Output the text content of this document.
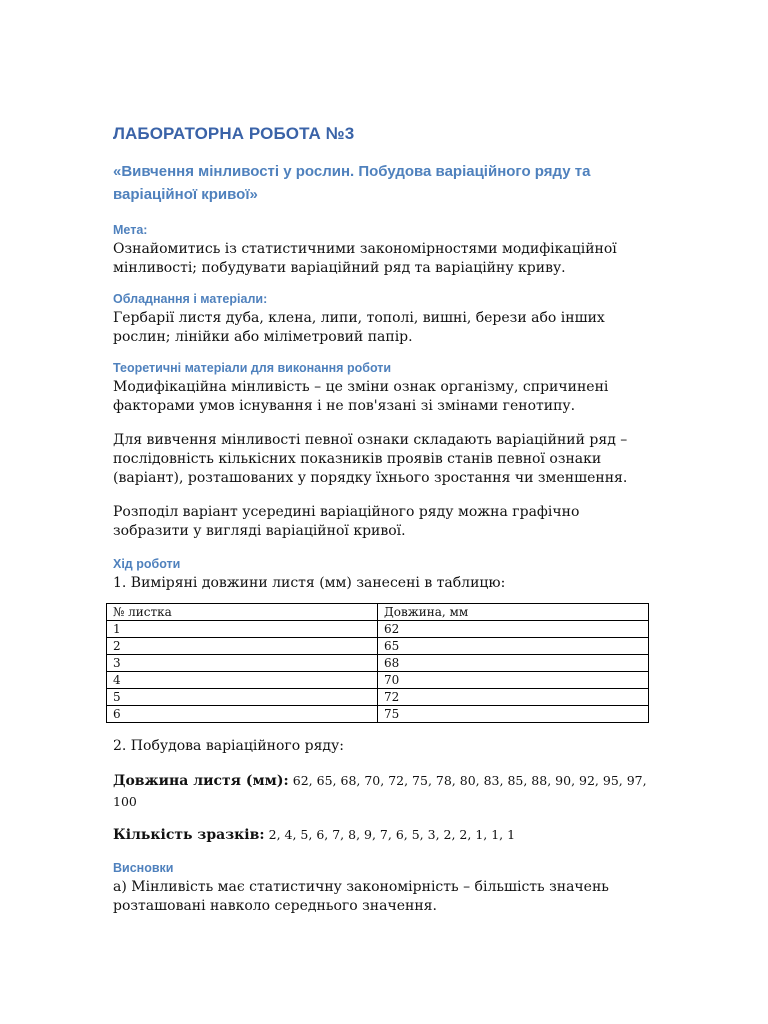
ЛАБОРАТОРНА РОБОТА №3
«Вивчення мінливості у рослин. Побудова варіаційного ряду та варіаційної кривої»
Мета:
Ознайомитись із статистичними закономірностями модифікаційної мінливості; побудувати варіаційний ряд та варіаційну криву.
Обладнання і матеріали:
Гербарії листя дуба, клена, липи, тополі, вишні, берези або інших рослин; лінійки або міліметровий папір.
Теоретичні матеріали для виконання роботи
Модифікаційна мінливість – це зміни ознак організму, спричинені факторами умов існування і не пов'язані зі змінами генотипу.
Для вивчення мінливості певної ознаки складають варіаційний ряд – послідовність кількісних показників проявів станів певної ознаки (варіант), розташованих у порядку їхнього зростання чи зменшення.
Розподіл варіант усередині варіаційного ряду можна графічно зобразити у вигляді варіаційної кривої.
Хід роботи
1. Виміряні довжини листя (мм) занесені в таблицю:
№ листка	Довжина, мм
1	62
2	65
3	68
4	70
5	72
6	75
2. Побудова варіаційного ряду:
Довжина листя (мм): 62, 65, 68, 70, 72, 75, 78, 80, 83, 85, 88, 90, 92, 95, 97, 100
Кількість зразків: 2, 4, 5, 6, 7, 8, 9, 7, 6, 5, 3, 2, 2, 1, 1, 1
Висновки
а) Мінливість має статистичну закономірність – більшість значень розташовані навколо середнього значення.
